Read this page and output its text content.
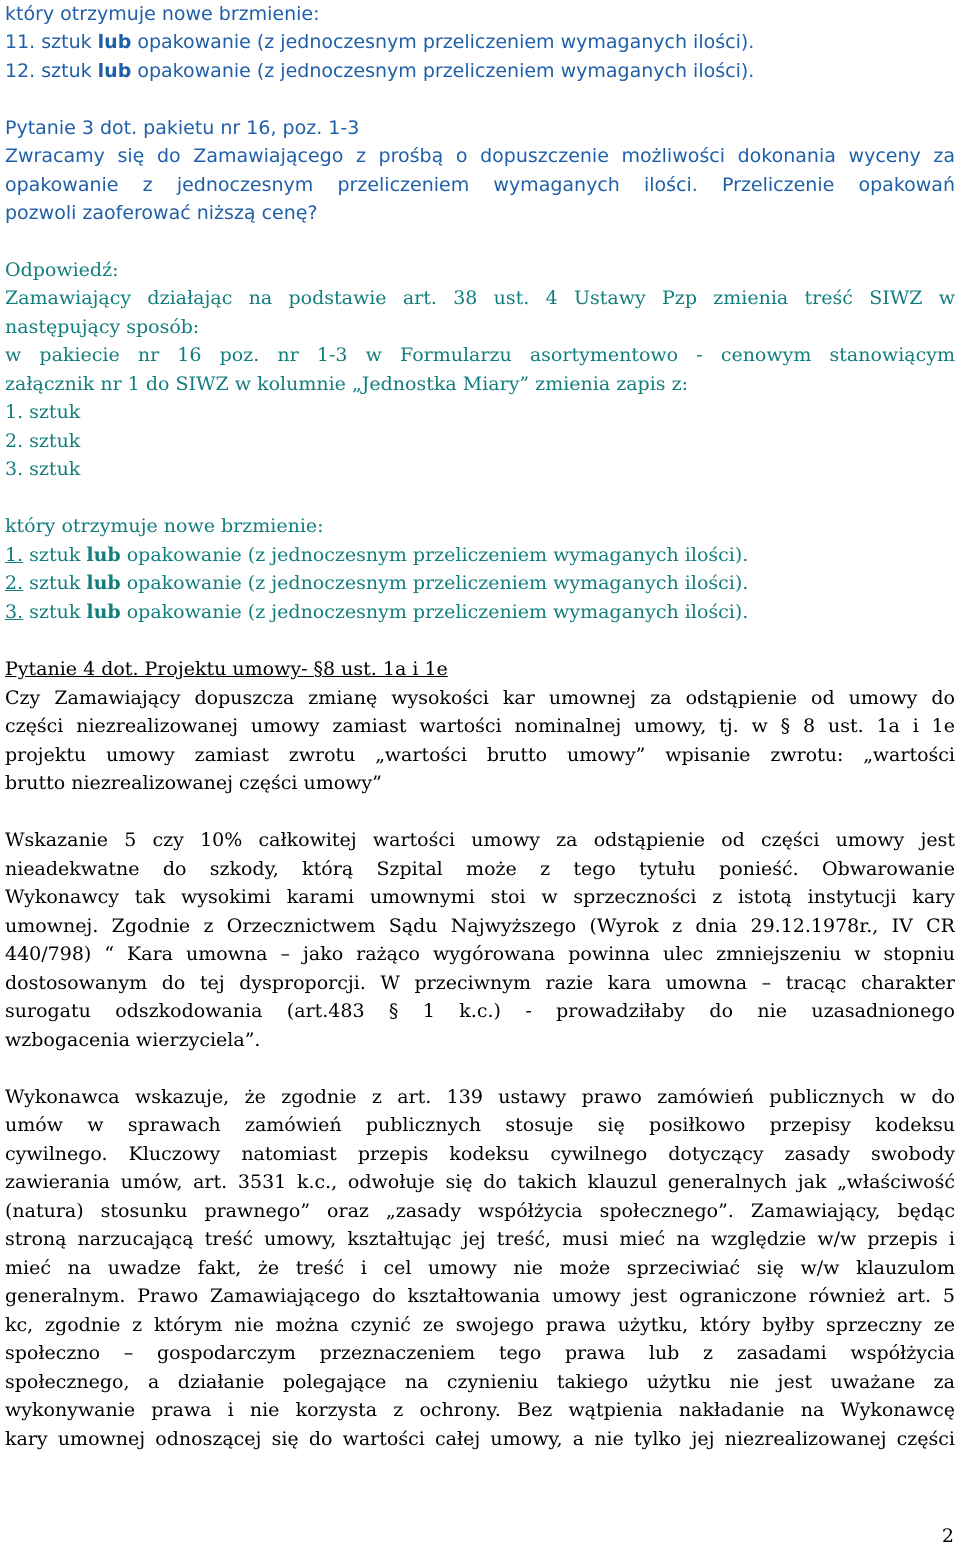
który otrzymuje nowe brzmienie:

11. sztuk lub opakowanie (z jednoczesnym przeliczeniem wymaganych ilości).

12. sztuk lub opakowanie (z jednoczesnym przeliczeniem wymaganych ilości).

Pytanie 3 dot. pakietu nr 16, poz. 1-3

Zwracamy się do Zamawiającego z prośbą o dopuszczenie możliwości dokonania wyceny za

opakowanie z jednoczesnym przeliczeniem wymaganych ilości. Przeliczenie opakowań

pozwoli zaoferować niższą cenę?

Odpowiedź:

Zamawiający działając na podstawie art. 38 ust. 4 Ustawy Pzp zmienia treść SIWZ w

następujący sposób:

w pakiecie nr 16 poz. nr 1-3 w Formularzu asortymentowo - cenowym stanowiącym

załącznik nr 1 do SIWZ w kolumnie „Jednostka Miary” zmienia zapis z:

1. sztuk

2. sztuk

3. sztuk

który otrzymuje nowe brzmienie:

1. sztuk lub opakowanie (z jednoczesnym przeliczeniem wymaganych ilości).

2. sztuk lub opakowanie (z jednoczesnym przeliczeniem wymaganych ilości).

3. sztuk lub opakowanie (z jednoczesnym przeliczeniem wymaganych ilości).

Pytanie 4 dot. Projektu umowy- §8 ust. 1a i 1e

Czy Zamawiający dopuszcza zmianę wysokości kar umownej za odstąpienie od umowy do

części niezrealizowanej umowy zamiast wartości nominalnej umowy, tj. w § 8 ust. 1a i 1e

projektu umowy zamiast zwrotu „wartości brutto umowy” wpisanie zwrotu: „wartości

brutto niezrealizowanej części umowy”

Wskazanie 5 czy 10% całkowitej wartości umowy za odstąpienie od części umowy jest

nieadekwatne do szkody, którą Szpital może z tego tytułu ponieść. Obwarowanie

Wykonawcy tak wysokimi karami umownymi stoi w sprzeczności z istotą instytucji kary

umownej. Zgodnie z Orzecznictwem Sądu Najwyższego (Wyrok z dnia 29.12.1978r., IV CR

440/798) “ Kara umowna – jako rażąco wygórowana powinna ulec zmniejszeniu w stopniu

dostosowanym do tej dysproporcji. W przeciwnym razie kara umowna – tracąc charakter

surogatu odszkodowania (art.483 § 1 k.c.) - prowadziłaby do nie uzasadnionego

wzbogacenia wierzyciela”.

Wykonawca wskazuje, że zgodnie z art. 139 ustawy prawo zamówień publicznych w do

umów w sprawach zamówień publicznych stosuje się posiłkowo przepisy kodeksu

cywilnego. Kluczowy natomiast przepis kodeksu cywilnego dotyczący zasady swobody

zawierania umów, art. 3531 k.c., odwołuje się do takich klauzul generalnych jak „właściwość

(natura) stosunku prawnego” oraz „zasady współżycia społecznego”. Zamawiający, będąc

stroną narzucającą treść umowy, kształtując jej treść, musi mieć na względzie w/w przepis i

mieć na uwadze fakt, że treść i cel umowy nie może sprzeciwiać się w/w klauzulom

generalnym. Prawo Zamawiającego do kształtowania umowy jest ograniczone również art. 5

kc, zgodnie z którym nie można czynić ze swojego prawa użytku, który byłby sprzeczny ze

społeczno – gospodarczym przeznaczeniem tego prawa lub z zasadami współżycia

społecznego, a działanie polegające na czynieniu takiego użytku nie jest uważane za

wykonywanie prawa i nie korzysta z ochrony. Bez wątpienia nakładanie na Wykonawcę

kary umownej odnoszącej się do wartości całej umowy, a nie tylko jej niezrealizowanej części

2
